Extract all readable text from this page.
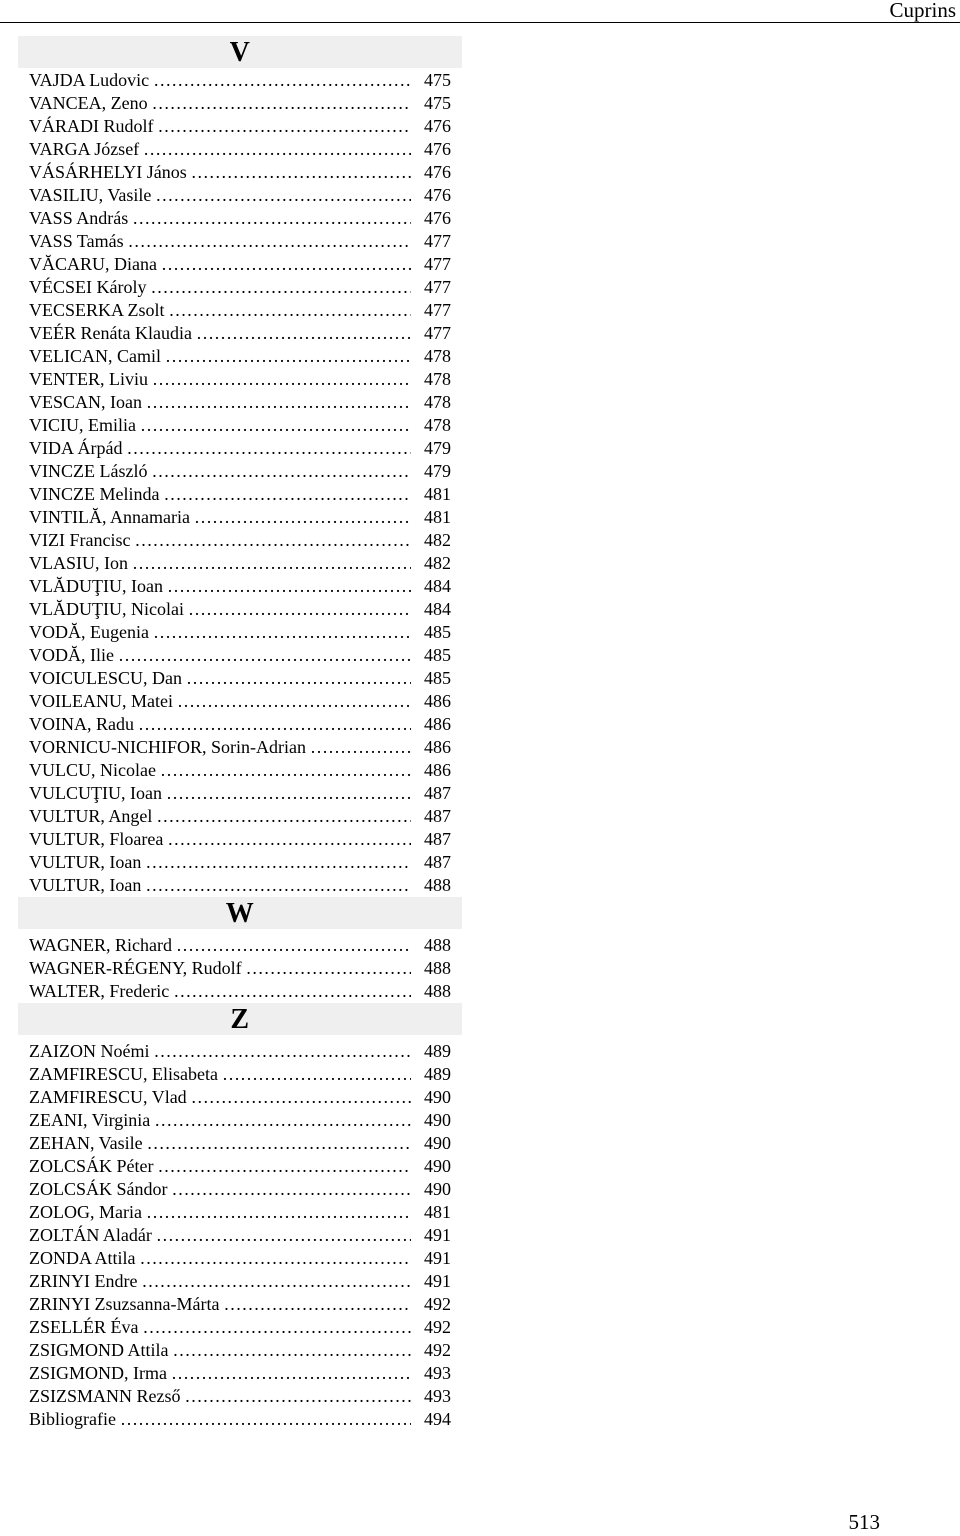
Cuprins
V
VAJDA Ludovic …………………………………………………………	475
VANCEA, Zeno …………………………………………………………	475
VÁRADI Rudolf …………………………………………………………	476
VARGA József …………………………………………………………	476
VÁSÁRHELYI János …………………………………………………………	476
VASILIU, Vasile …………………………………………………………	476
VASS András …………………………………………………………	476
VASS Tamás …………………………………………………………	477
VĂCARU, Diana …………………………………………………………	477
VÉCSEI Károly …………………………………………………………	477
VECSERKA Zsolt …………………………………………………………	477
VEÉR Renáta Klaudia …………………………………………………………	477
VELICAN, Camil …………………………………………………………	478
VENTER, Liviu …………………………………………………………	478
VESCAN, Ioan …………………………………………………………	478
VICIU, Emilia …………………………………………………………	478
VIDA Árpád …………………………………………………………	479
VINCZE László …………………………………………………………	479
VINCZE Melinda …………………………………………………………	481
VINTILĂ, Annamaria …………………………………………………………	481
VIZI Francisc …………………………………………………………	482
VLASIU, Ion …………………………………………………………	482
VLĂDUŢIU, Ioan …………………………………………………………	484
VLĂDUŢIU, Nicolai …………………………………………………………	484
VODĂ, Eugenia …………………………………………………………	485
VODĂ, Ilie …………………………………………………………	485
VOICULESCU, Dan …………………………………………………………	485
VOILEANU, Matei …………………………………………………………	486
VOINA, Radu …………………………………………………………	486
VORNICU-NICHIFOR, Sorin-Adrian …………………………………………………………	486
VULCU, Nicolae …………………………………………………………	486
VULCUŢIU, Ioan …………………………………………………………	487
VULTUR, Angel …………………………………………………………	487
VULTUR, Floarea …………………………………………………………	487
VULTUR, Ioan …………………………………………………………	487
VULTUR, Ioan …………………………………………………………	488
W
WAGNER, Richard …………………………………………………………	488
WAGNER-RÉGENY, Rudolf …………………………………………………………	488
WALTER, Frederic …………………………………………………………	488
Z
ZAIZON Noémi …………………………………………………………	489
ZAMFIRESCU, Elisabeta …………………………………………………………	489
ZAMFIRESCU, Vlad …………………………………………………………	490
ZEANI, Virginia …………………………………………………………	490
ZEHAN, Vasile …………………………………………………………	490
ZOLCSÁK Péter …………………………………………………………	490
ZOLCSÁK Sándor …………………………………………………………	490
ZOLOG, Maria …………………………………………………………	481
ZOLTÁN Aladár …………………………………………………………	491
ZONDA Attila …………………………………………………………	491
ZRINYI Endre …………………………………………………………	491
ZRINYI Zsuzsanna-Márta …………………………………………………………	492
ZSELLÉR Éva …………………………………………………………	492
ZSIGMOND Attila …………………………………………………………	492
ZSIGMOND, Irma …………………………………………………………	493
ZSIZSMANN Rezső …………………………………………………………	493
Bibliografie …………………………………………………………	494
513
